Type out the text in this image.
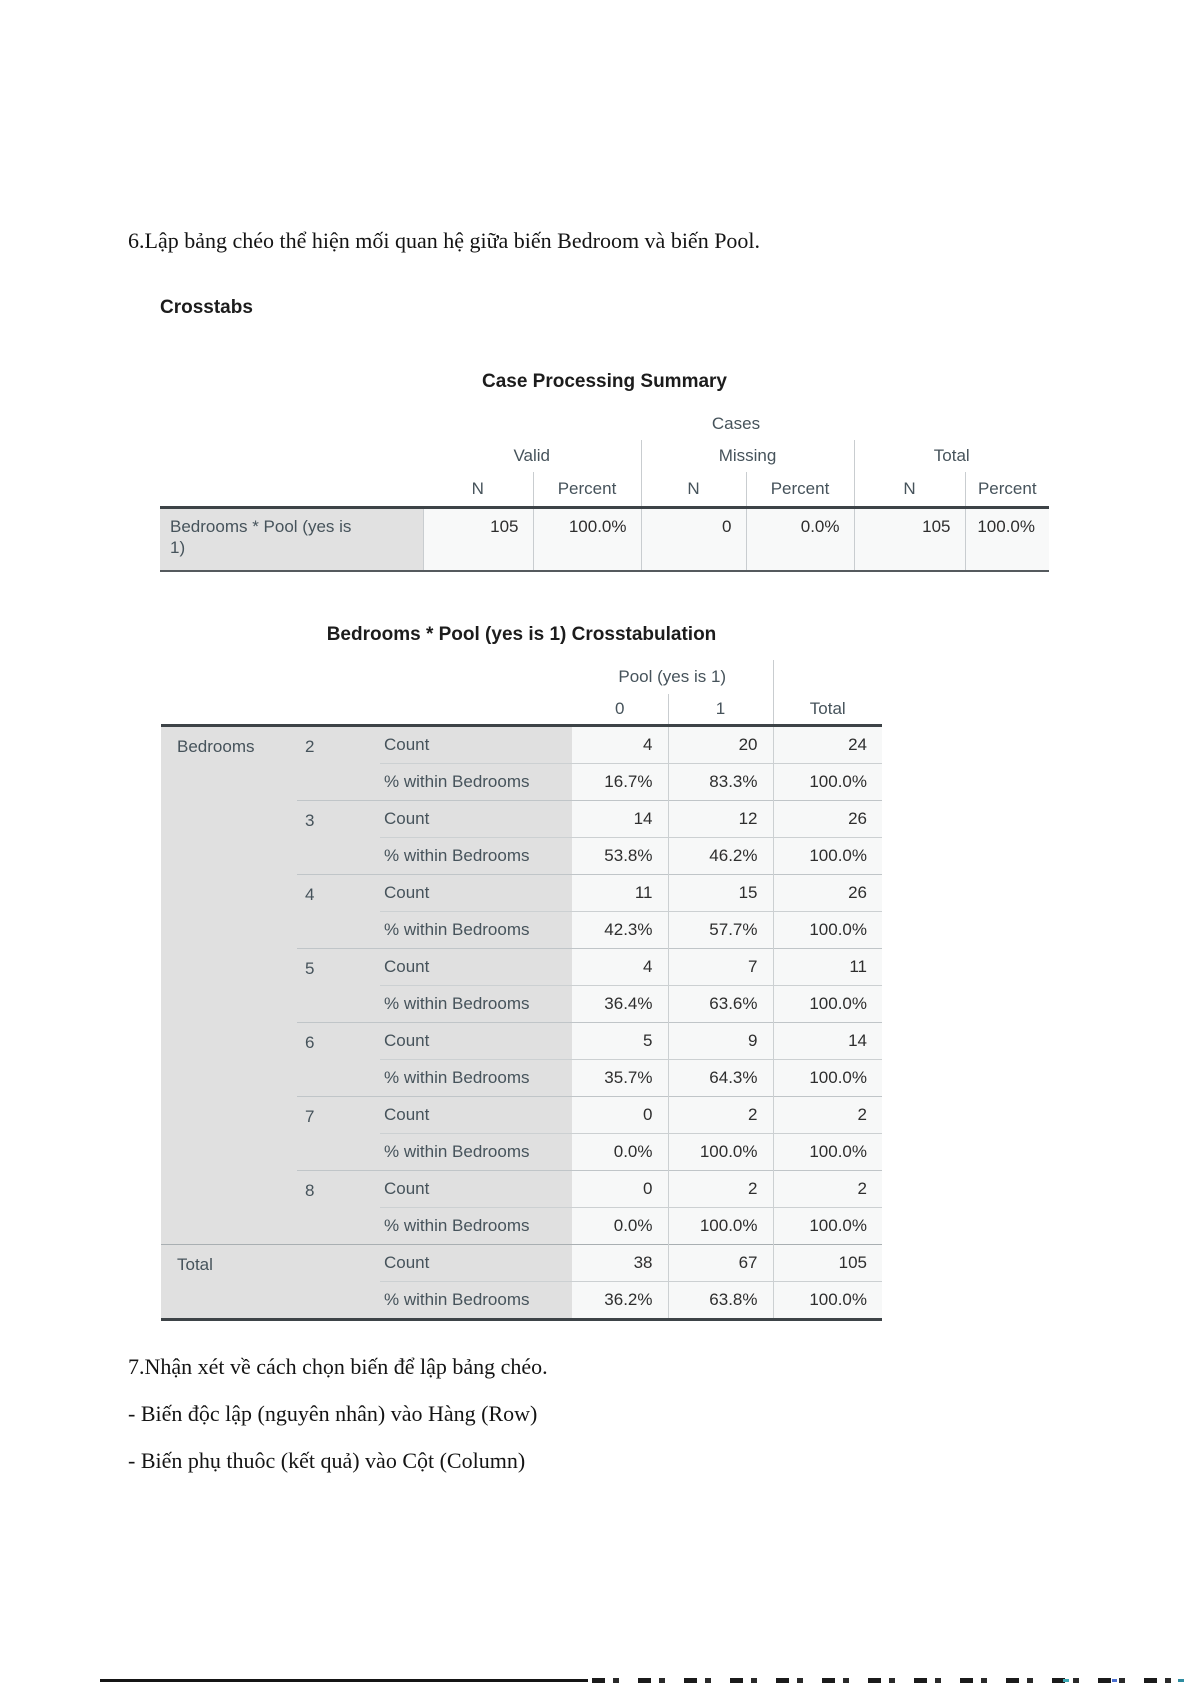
6.Lập bảng chéo thể hiện mối quan hệ giữa biến Bedroom và biến Pool.
Crosstabs
Case Processing Summary
	Cases					
	Valid		Missing		Total	
	N	Percent	N	Percent	N	Percent

Bedrooms * Pool (yes is 1)	105	100.0%	0	0.0%	105	100.0%
Bedrooms * Pool (yes is 1) Crosstabulation
			Pool (yes is 1)		
			0	1	Total
Bedrooms	2	Count	4	20	24
		% within Bedrooms	16.7%	83.3%	100.0%
	3	Count	14	12	26
		% within Bedrooms	53.8%	46.2%	100.0%
	4	Count	11	15	26
		% within Bedrooms	42.3%	57.7%	100.0%
	5	Count	4	7	11
		% within Bedrooms	36.4%	63.6%	100.0%
	6	Count	5	9	14
		% within Bedrooms	35.7%	64.3%	100.0%
	7	Count	0	2	2
		% within Bedrooms	0.0%	100.0%	100.0%
	8	Count	0	2	2
		% within Bedrooms	0.0%	100.0%	100.0%
Total		Count	38	67	105
		% within Bedrooms	36.2%	63.8%	100.0%
7.Nhận xét về cách chọn biến để lập bảng chéo.
- Biến độc lập (nguyên nhân) vào Hàng (Row)
- Biến phụ thuôc (kết quả) vào Cột (Column)
